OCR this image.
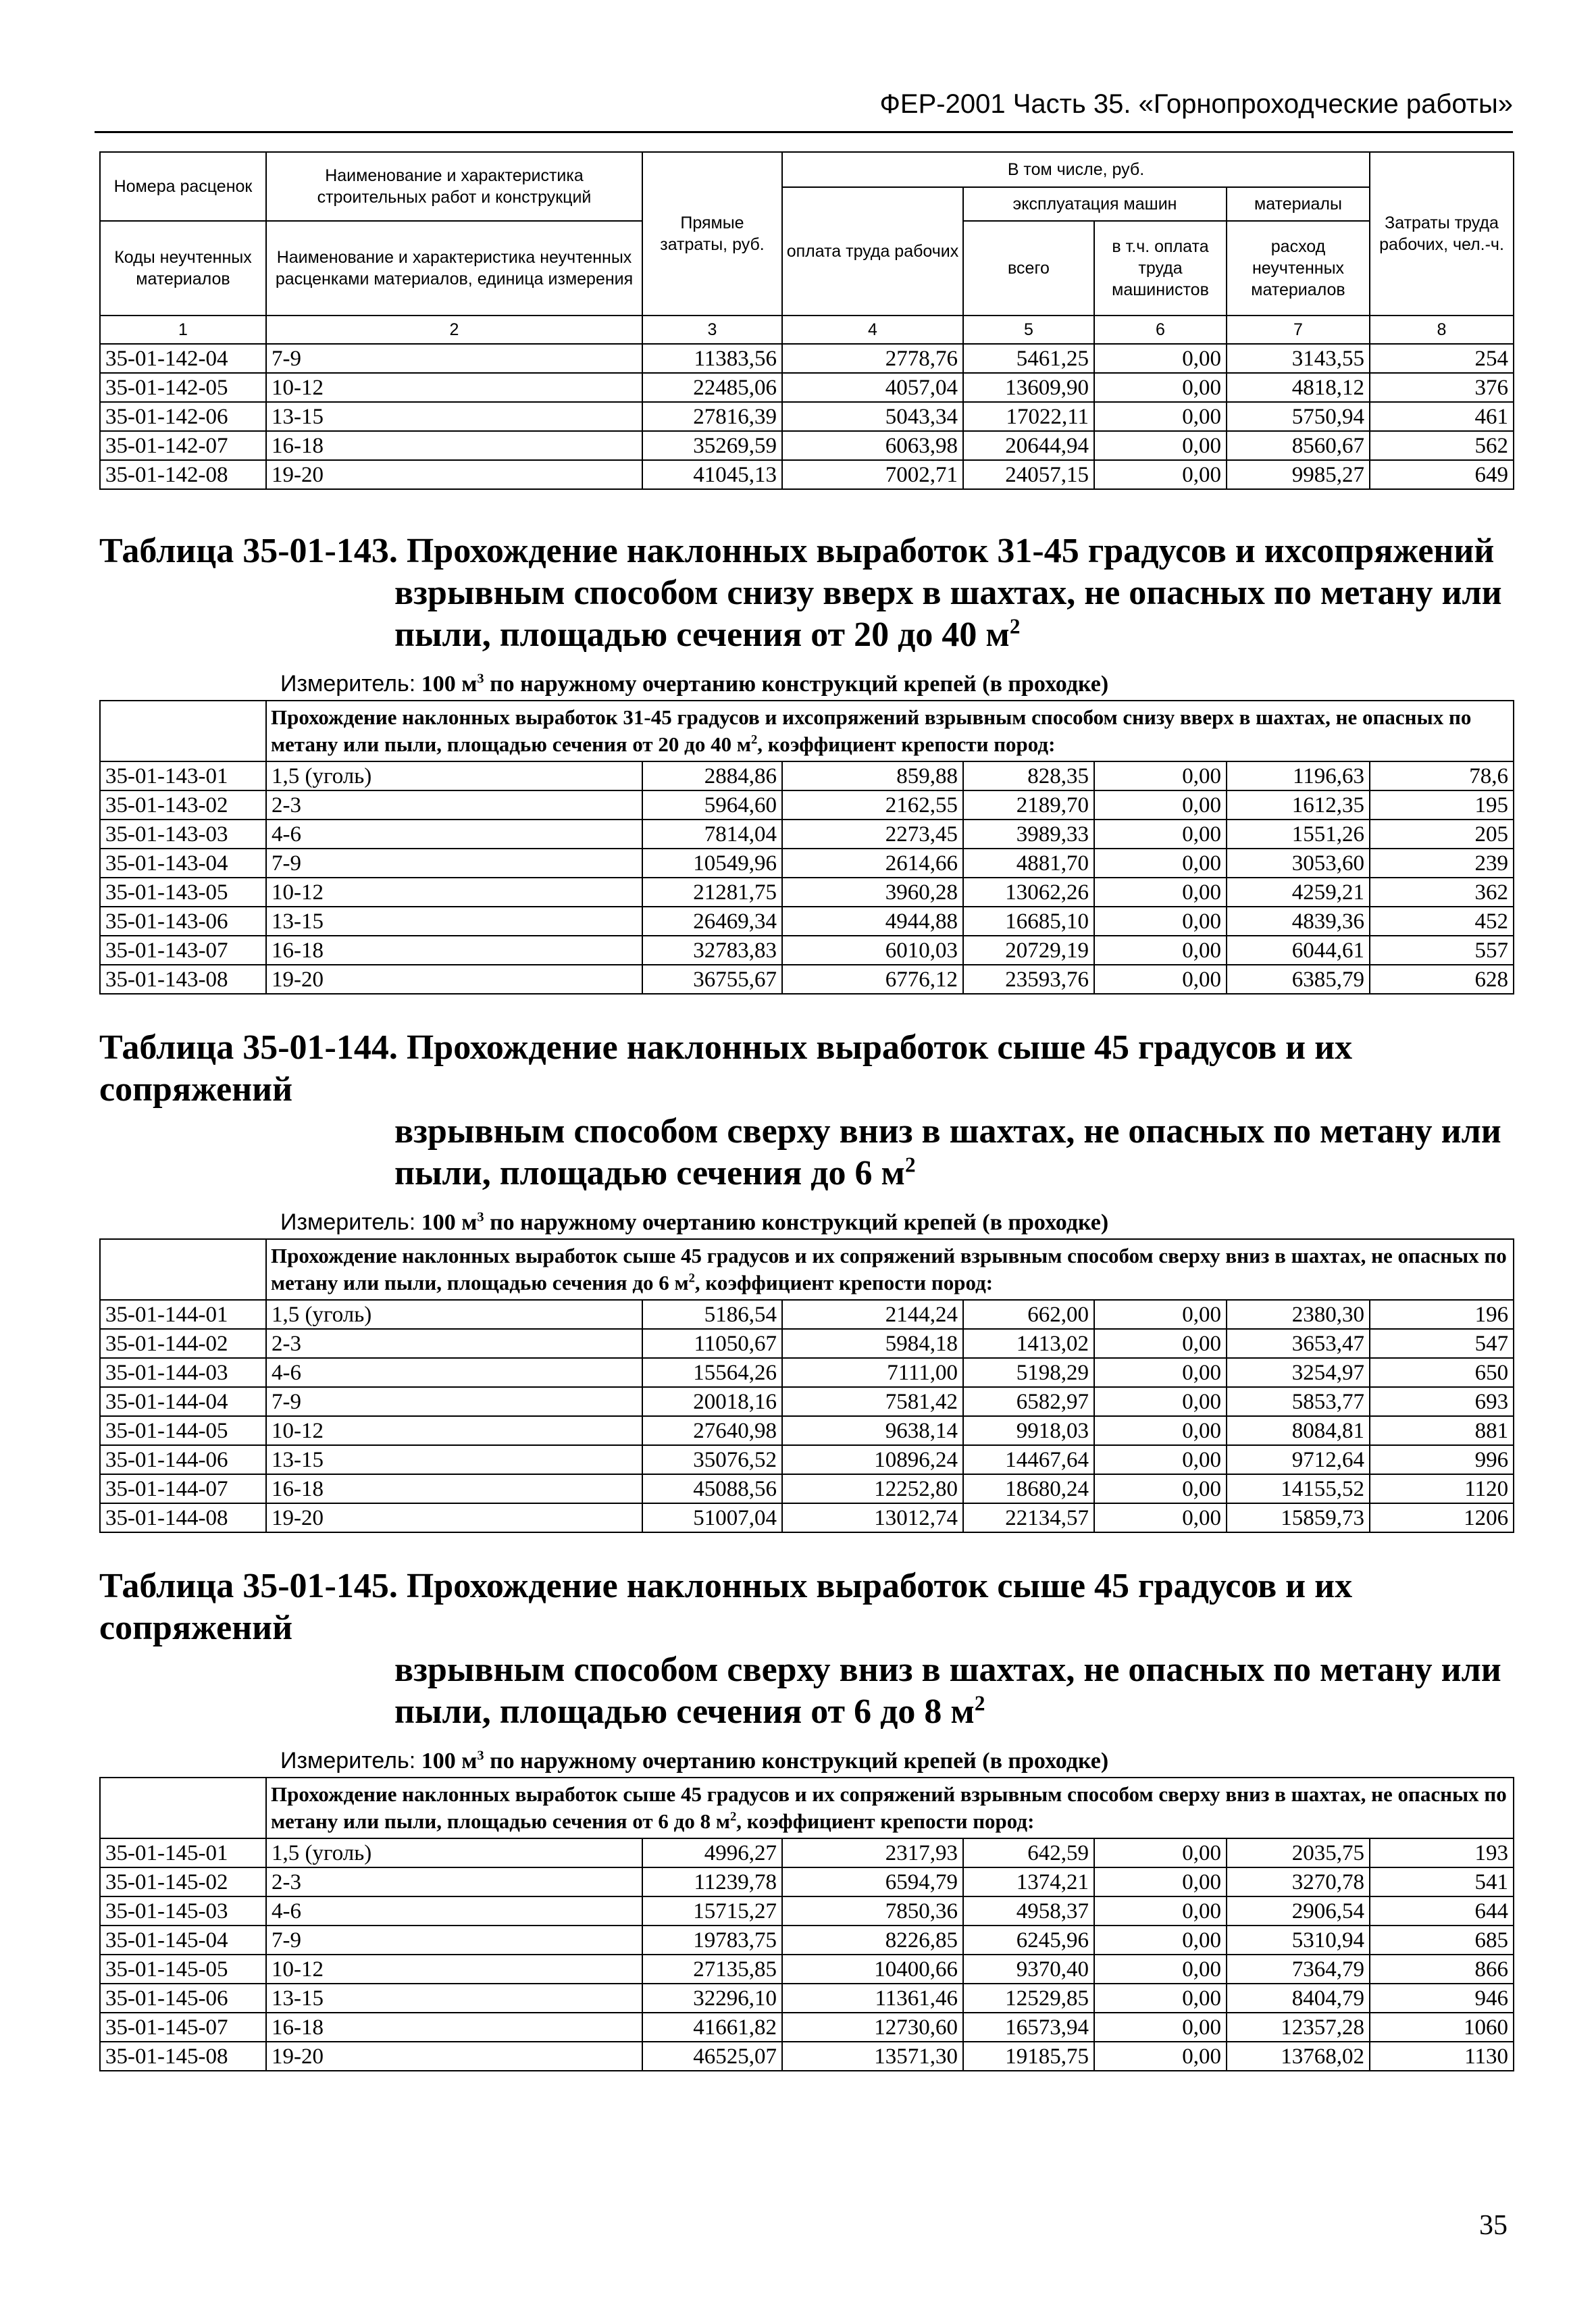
ФЕР-2001 Часть 35. «Горнопроходческие работы»
Номера расценок	Наименование и характеристика строительных работ и конструкций	Прямые затраты, руб.	В том числе, руб.				Затраты труда рабочих, чел.-ч.
			оплата труда рабочих	эксплуатация машин		материалы	
Коды неучтенных материалов	Наименование и характеристика неучтенных расценками материалов, единица измерения			всего	в т.ч. оплата труда машинистов	расход неучтенных материалов	

1	2	3	4	5	6	7	8
35-01-142-04	7-9	11383,56	2778,76	5461,25	0,00	3143,55	254
35-01-142-05	10-12	22485,06	4057,04	13609,90	0,00	4818,12	376
35-01-142-06	13-15	27816,39	5043,34	17022,11	0,00	5750,94	461
35-01-142-07	16-18	35269,59	6063,98	20644,94	0,00	8560,67	562
35-01-142-08	19-20	41045,13	7002,71	24057,15	0,00	9985,27	649
Таблица 35-01-143. Прохождение наклонных выработок 31-45 градусов и ихсопряжений
взрывным способом снизу вверх в шахтах, не опасных по метану или
пыли, площадью сечения от 20 до 40 $м^2$
Измеритель: 100 $м^3$ по наружному очертанию конструкций крепей (в проходке)
	Прохождение наклонных выработок 31-45 градусов и ихсопряжений взрывным способом снизу вверх в шахтах, не опасных по метану или пыли, площадью сечения от 20 до 40 $м^2$, коэффициент крепости пород:						
35-01-143-01	1,5 (уголь)	2884,86	859,88	828,35	0,00	1196,63	78,6
35-01-143-02	2-3	5964,60	2162,55	2189,70	0,00	1612,35	195
35-01-143-03	4-6	7814,04	2273,45	3989,33	0,00	1551,26	205
35-01-143-04	7-9	10549,96	2614,66	4881,70	0,00	3053,60	239
35-01-143-05	10-12	21281,75	3960,28	13062,26	0,00	4259,21	362
35-01-143-06	13-15	26469,34	4944,88	16685,10	0,00	4839,36	452
35-01-143-07	16-18	32783,83	6010,03	20729,19	0,00	6044,61	557
35-01-143-08	19-20	36755,67	6776,12	23593,76	0,00	6385,79	628
Таблица 35-01-144. Прохождение наклонных выработок сыше 45 градусов и их сопряжений
взрывным способом сверху вниз в шахтах, не опасных по метану или
пыли, площадью сечения до 6 $м^2$
Измеритель: 100 $м^3$ по наружному очертанию конструкций крепей (в проходке)
	Прохождение наклонных выработок сыше 45 градусов и их сопряжений взрывным способом сверху вниз в шахтах, не опасных по метану или пыли, площадью сечения до 6 $м^2$, коэффициент крепости пород:						
35-01-144-01	1,5 (уголь)	5186,54	2144,24	662,00	0,00	2380,30	196
35-01-144-02	2-3	11050,67	5984,18	1413,02	0,00	3653,47	547
35-01-144-03	4-6	15564,26	7111,00	5198,29	0,00	3254,97	650
35-01-144-04	7-9	20018,16	7581,42	6582,97	0,00	5853,77	693
35-01-144-05	10-12	27640,98	9638,14	9918,03	0,00	8084,81	881
35-01-144-06	13-15	35076,52	10896,24	14467,64	0,00	9712,64	996
35-01-144-07	16-18	45088,56	12252,80	18680,24	0,00	14155,52	1120
35-01-144-08	19-20	51007,04	13012,74	22134,57	0,00	15859,73	1206
Таблица 35-01-145. Прохождение наклонных выработок сыше 45 градусов и их сопряжений
взрывным способом сверху вниз в шахтах, не опасных по метану или
пыли, площадью сечения от 6 до 8 $м^2$
Измеритель: 100 $м^3$ по наружному очертанию конструкций крепей (в проходке)
	Прохождение наклонных выработок сыше 45 градусов и их сопряжений взрывным способом сверху вниз в шахтах, не опасных по метану или пыли, площадью сечения от 6 до 8 $м^2$, коэффициент крепости пород:						
35-01-145-01	1,5 (уголь)	4996,27	2317,93	642,59	0,00	2035,75	193
35-01-145-02	2-3	11239,78	6594,79	1374,21	0,00	3270,78	541
35-01-145-03	4-6	15715,27	7850,36	4958,37	0,00	2906,54	644
35-01-145-04	7-9	19783,75	8226,85	6245,96	0,00	5310,94	685
35-01-145-05	10-12	27135,85	10400,66	9370,40	0,00	7364,79	866
35-01-145-06	13-15	32296,10	11361,46	12529,85	0,00	8404,79	946
35-01-145-07	16-18	41661,82	12730,60	16573,94	0,00	12357,28	1060
35-01-145-08	19-20	46525,07	13571,30	19185,75	0,00	13768,02	1130
35
